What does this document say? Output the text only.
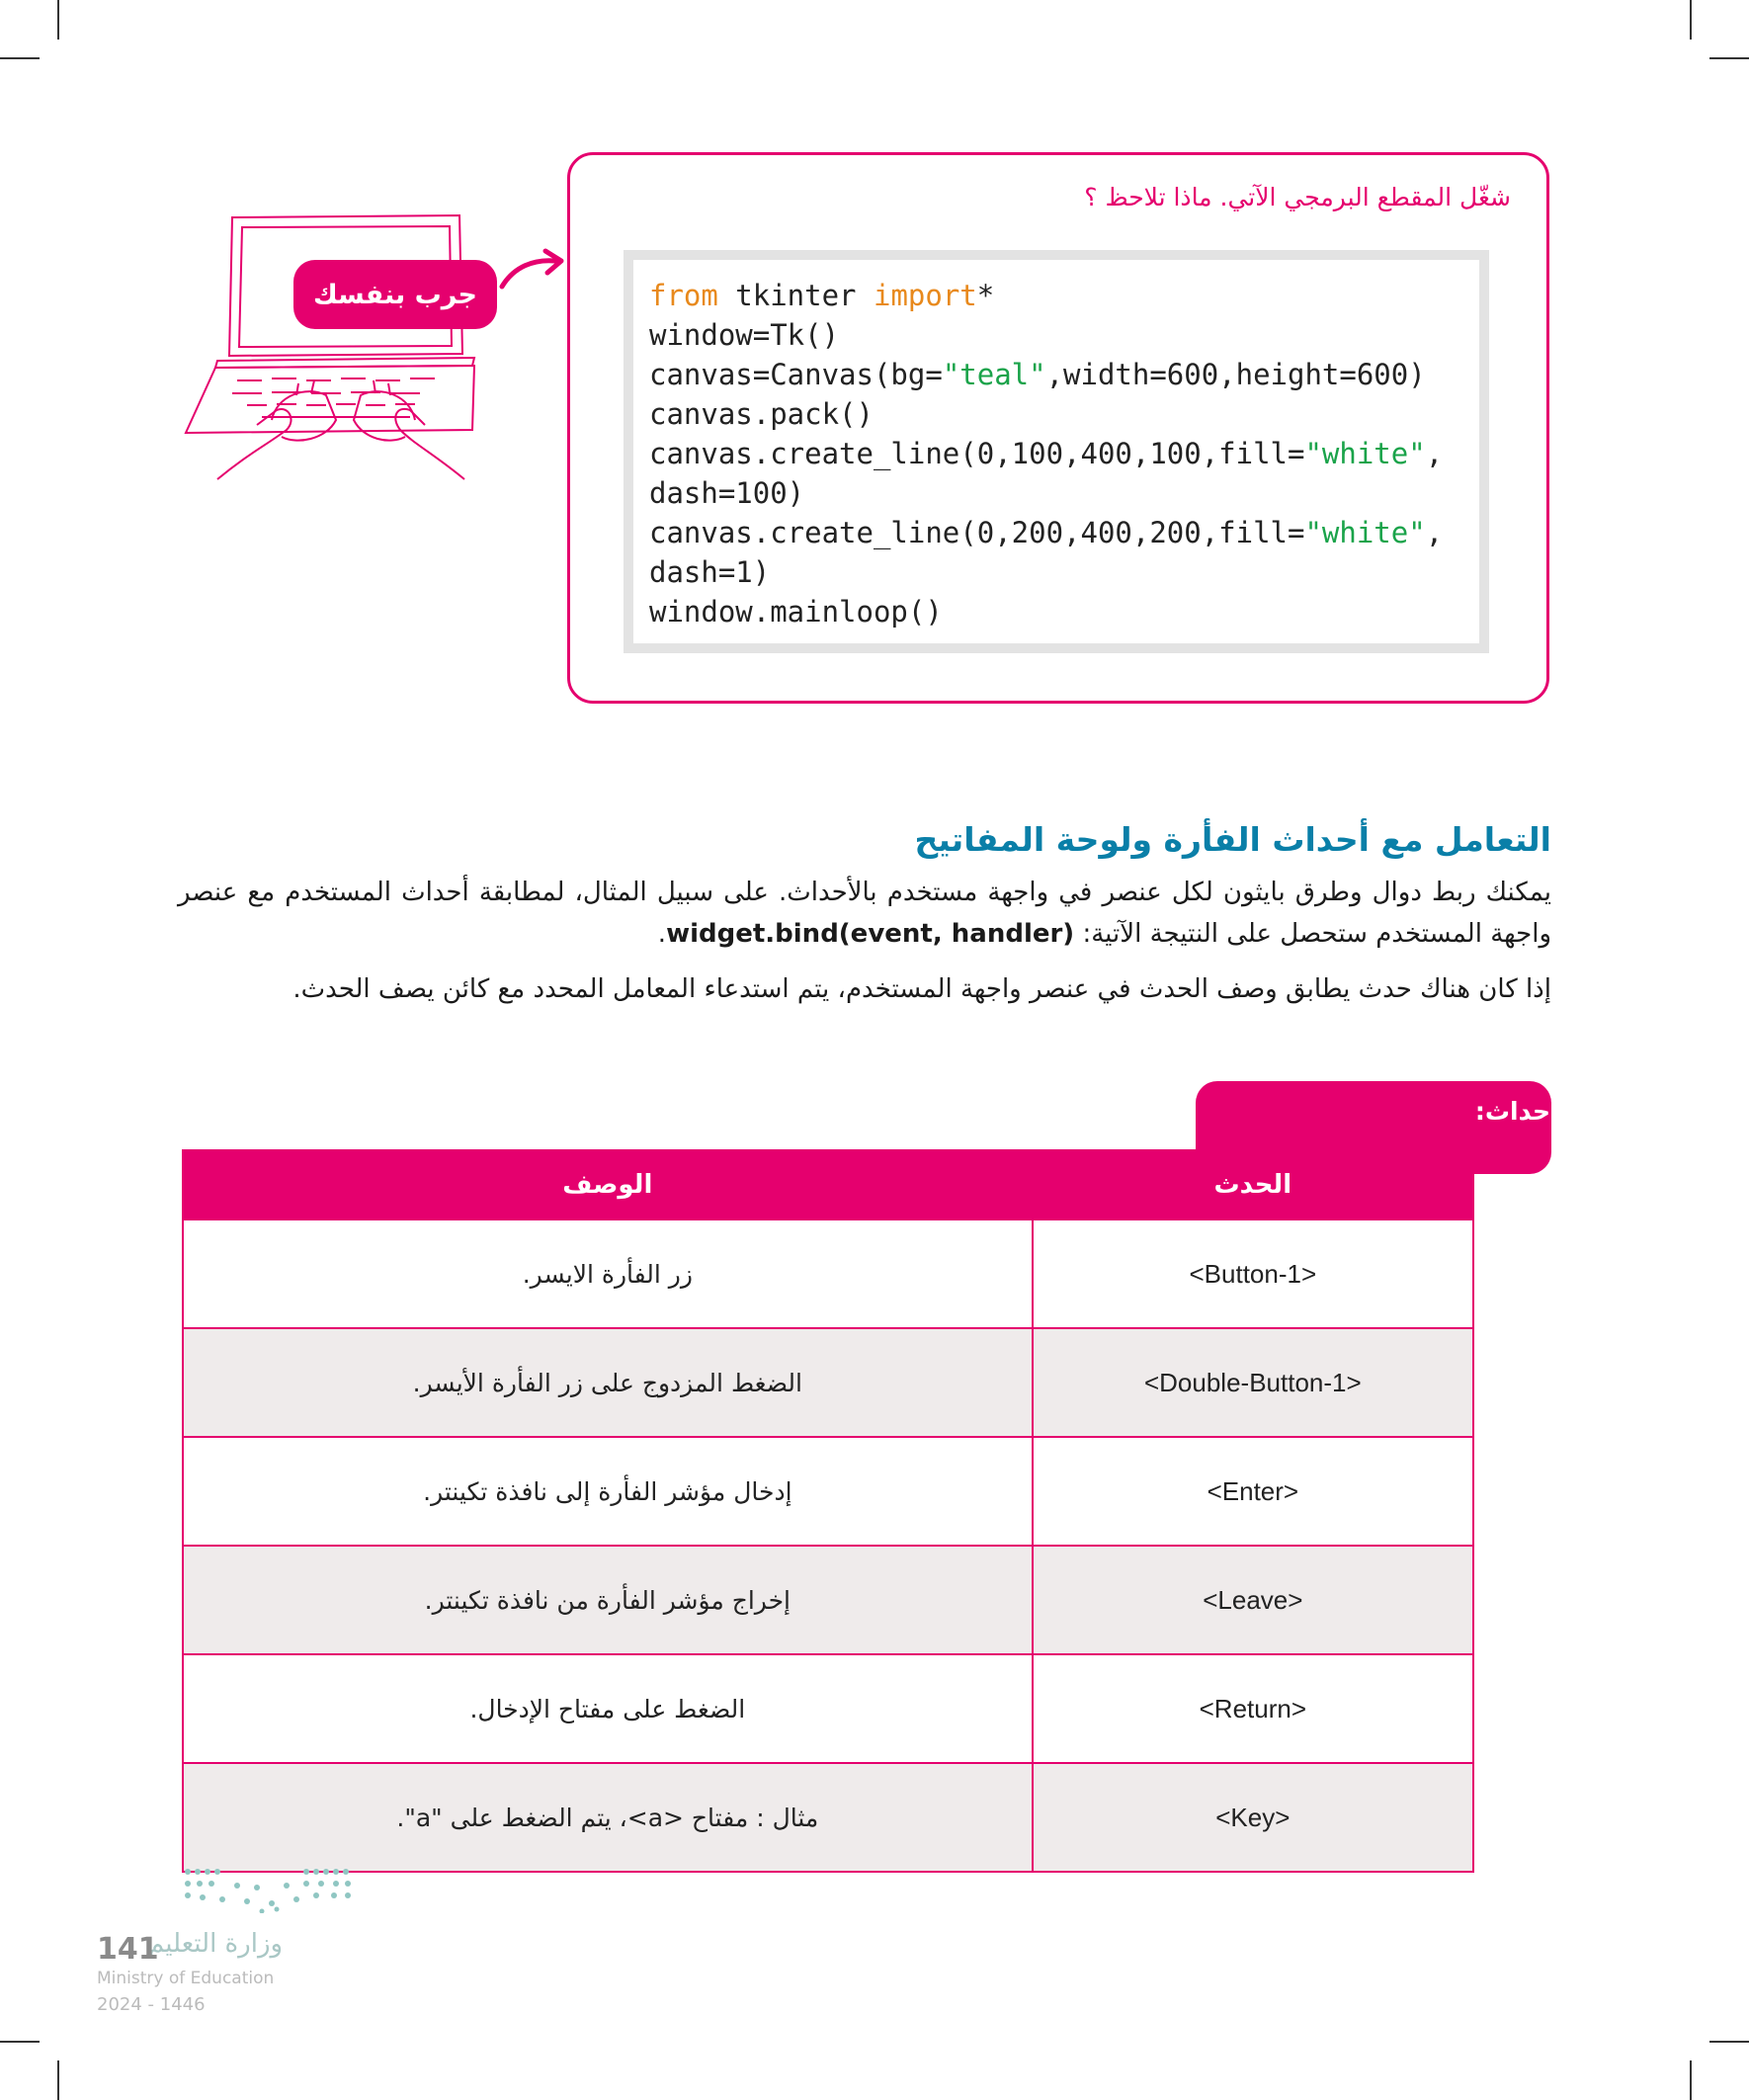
جرب بنفسك
شغّل المقطع البرمجي الآتي. ماذا تلاحظ ؟
from tkinter import*
window=Tk()
canvas=Canvas(bg="teal",width=600,height=600)
canvas.pack()
canvas.create_line(0,100,400,100,fill="white",
dash=100)
canvas.create_line(0,200,400,200,fill="white",
dash=1)
window.mainloop()
التعامل مع أحداث الفأرة ولوحة المفاتيح
يمكنك ربط دوال وطرق بايثون لكل عنصر في واجهة مستخدم بالأحداث. على سبيل المثال، لمطابقة أحداث المستخدم مع عنصر واجهة المستخدم ستحصل على النتيجة الآتية: widget.bind(event, handler).
إذا كان هناك حدث يطابق وصف الحدث في عنصر واجهة المستخدم، يتم استدعاء المعامل المحدد مع كائن يصف الحدث.
فئات الأحداث:
الحدث	الوصف
<Button-1>	زر الفأرة الايسر.
<Double-Button-1>	الضغط المزدوج على زر الفأرة الأيسر.
<Enter>	إدخال مؤشر الفأرة إلى نافذة تكينتر.
<Leave>	إخراج مؤشر الفأرة من نافذة تكينتر.
<Return>	الضغط على مفتاح الإدخال.
<Key>	مثال : مفتاح <a>، يتم الضغط على "a".
وزارة التعليم
141
Ministry of Education
2024 - 1446
